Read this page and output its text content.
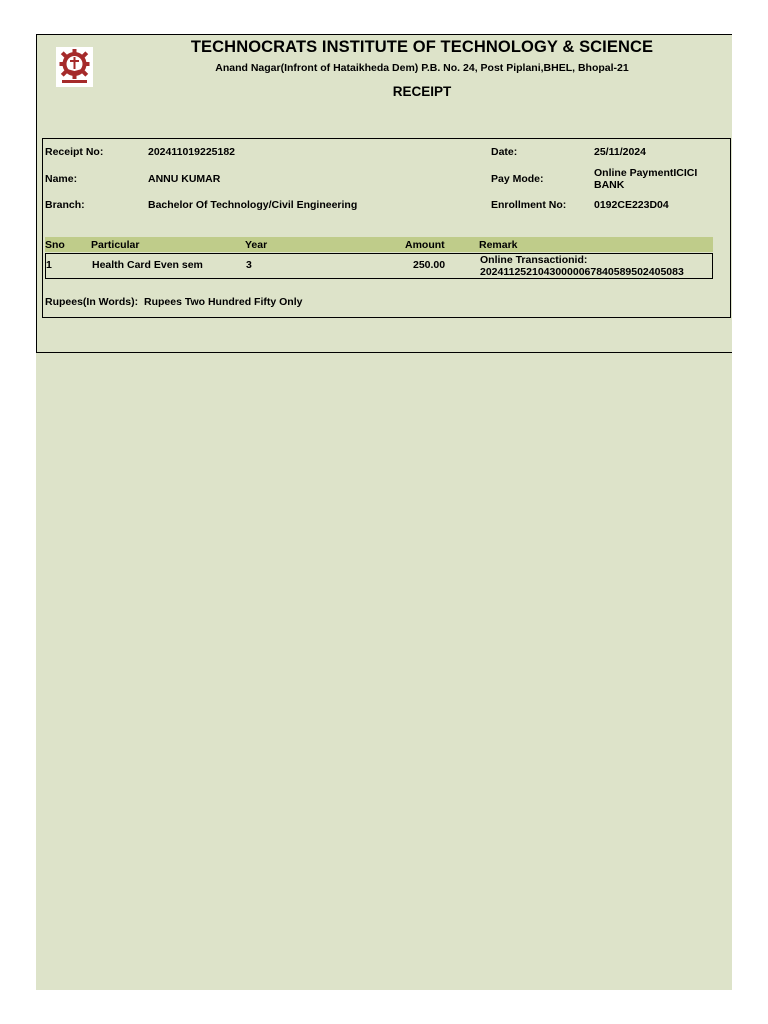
TECHNOCRATS INSTITUTE OF TECHNOLOGY & SCIENCE
Anand Nagar(Infront of Hataikheda Dem) P.B. No. 24, Post Piplani,BHEL, Bhopal-21
RECEIPT
Receipt No:	202411019225182	Date:	25/11/2024
Name:	ANNU KUMAR	Pay Mode:	Online PaymentICICI
BANK
Branch:	Bachelor Of Technology/Civil Engineering	Enrollment No:	0192CE223D04
Sno Particular	Year	Amount	Remark
1	Health Card Even sem	3	250.00	Online Transactionid:
20241125210430000067840589502405083
Rupees(In Words): Rupees Two Hundred Fifty Only
